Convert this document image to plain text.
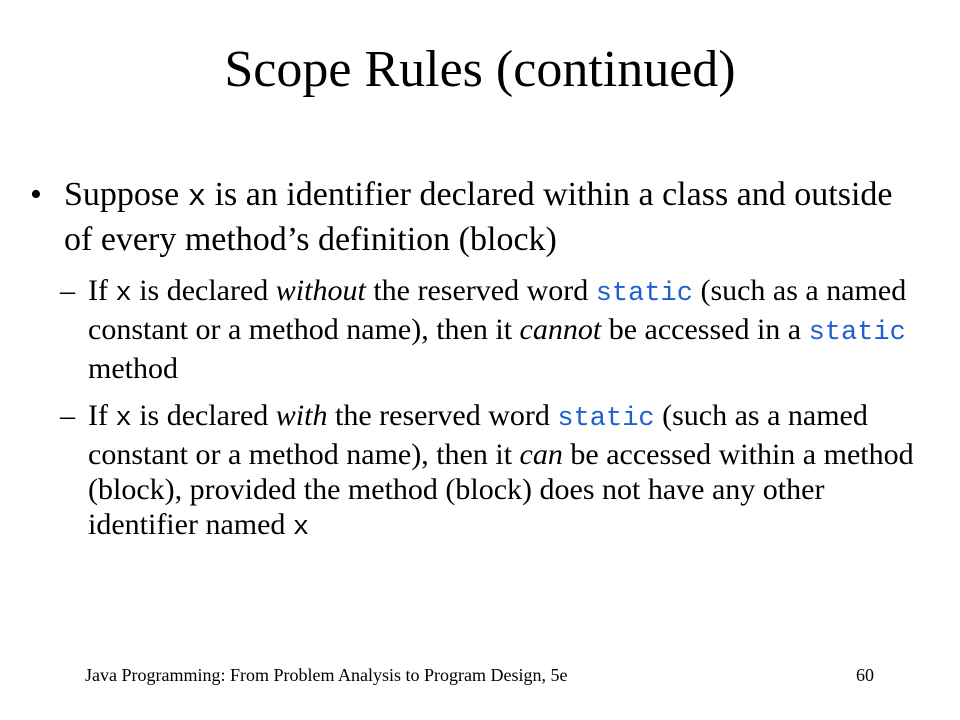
Scope Rules (continued)
• Suppose x is an identifier declared within a class and outside of every method’s definition (block)
– If x is declared without the reserved word static (such as a named constant or a method name), then it cannot be accessed in a static method
– If x is declared with the reserved word static (such as a named constant or a method name), then it can be accessed within a method (block), provided the method (block) does not have any other identifier named x
Java Programming: From Problem Analysis to Program Design, 5e	60
